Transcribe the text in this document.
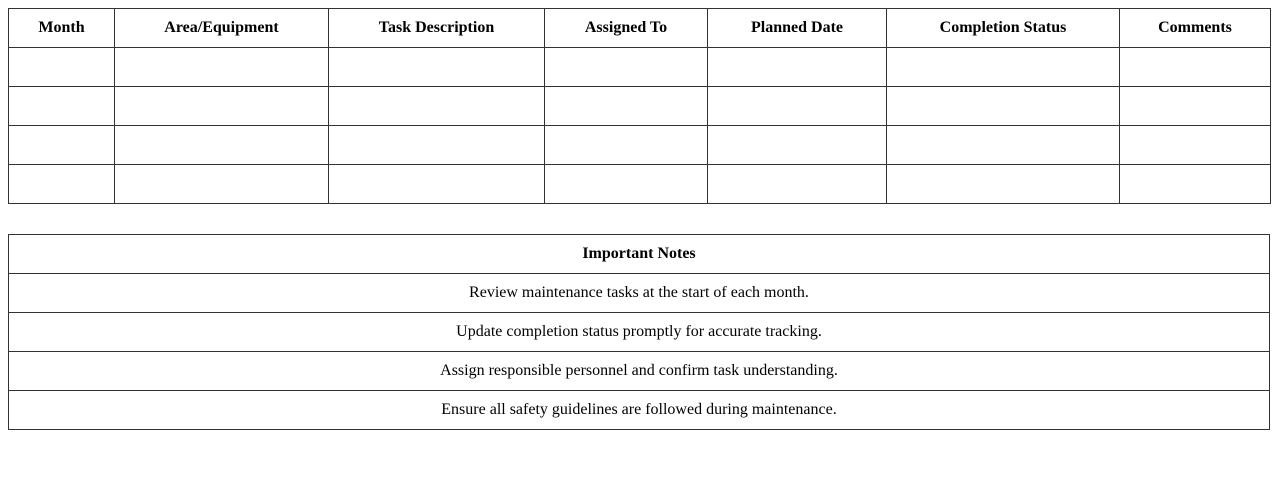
Month	Area/Equipment	Task Description	Assigned To	Planned Date	Completion Status	Comments

Important Notes
Review maintenance tasks at the start of each month.
Update completion status promptly for accurate tracking.
Assign responsible personnel and confirm task understanding.
Ensure all safety guidelines are followed during maintenance.
